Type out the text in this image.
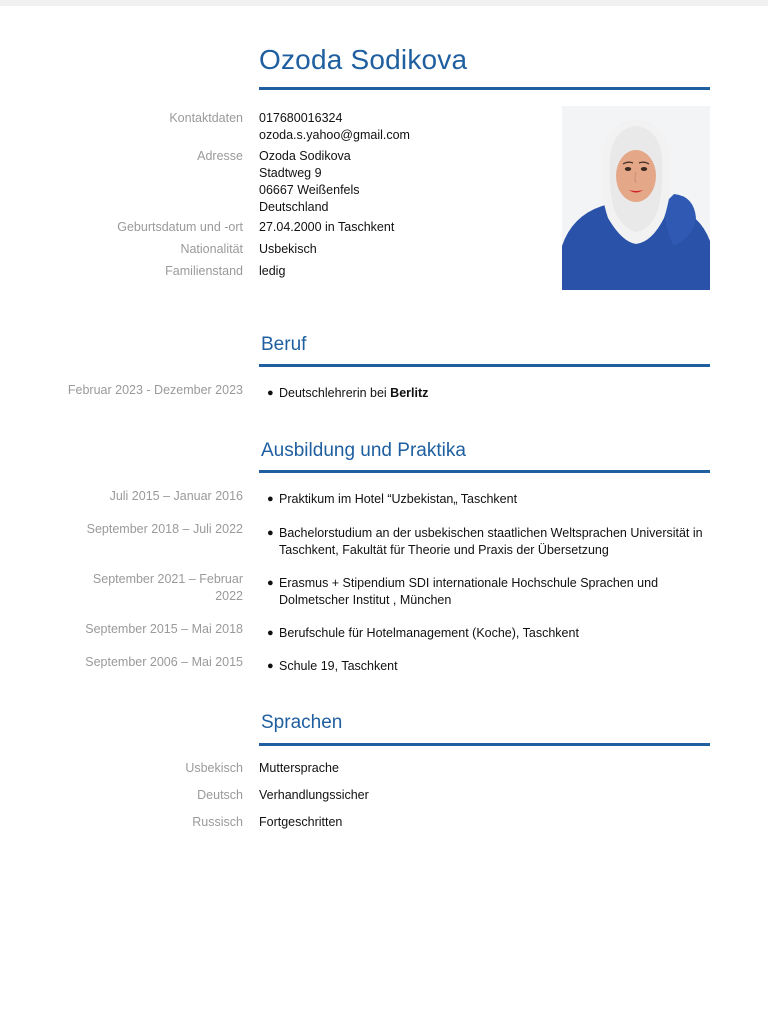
Ozoda Sodikova
Kontaktdaten 017680016324
ozoda.s.yahoo@gmail.com
Adresse Ozoda Sodikova
Stadtweg 9
06667 Weißenfels
Deutschland
Geburtsdatum und -ort 27.04.2000 in Taschkent
Nationalität Usbekisch
Familienstand ledig
Beruf
Februar 2023 - Dezember 2023 ● Deutschlehrerin bei Berlitz
Ausbildung und Praktika
Juli 2015 – Januar 2016 ● Praktikum im Hotel “Uzbekistan„ Taschkent
September 2018 – Juli 2022 ● Bachelorstudium an der usbekischen staatlichen Weltsprachen Universität in Taschkent, Fakultät für Theorie und Praxis der Übersetzung
September 2021 – Februar
2022
● Erasmus + Stipendium SDI internationale Hochschule Sprachen und Dolmetscher Institut , München
September 2015 – Mai 2018 ● Berufschule für Hotelmanagement (Koche), Taschkent
September 2006 – Mai 2015 ● Schule 19, Taschkent
Sprachen
Usbekisch Muttersprache
Deutsch Verhandlungssicher
Russisch Fortgeschritten
